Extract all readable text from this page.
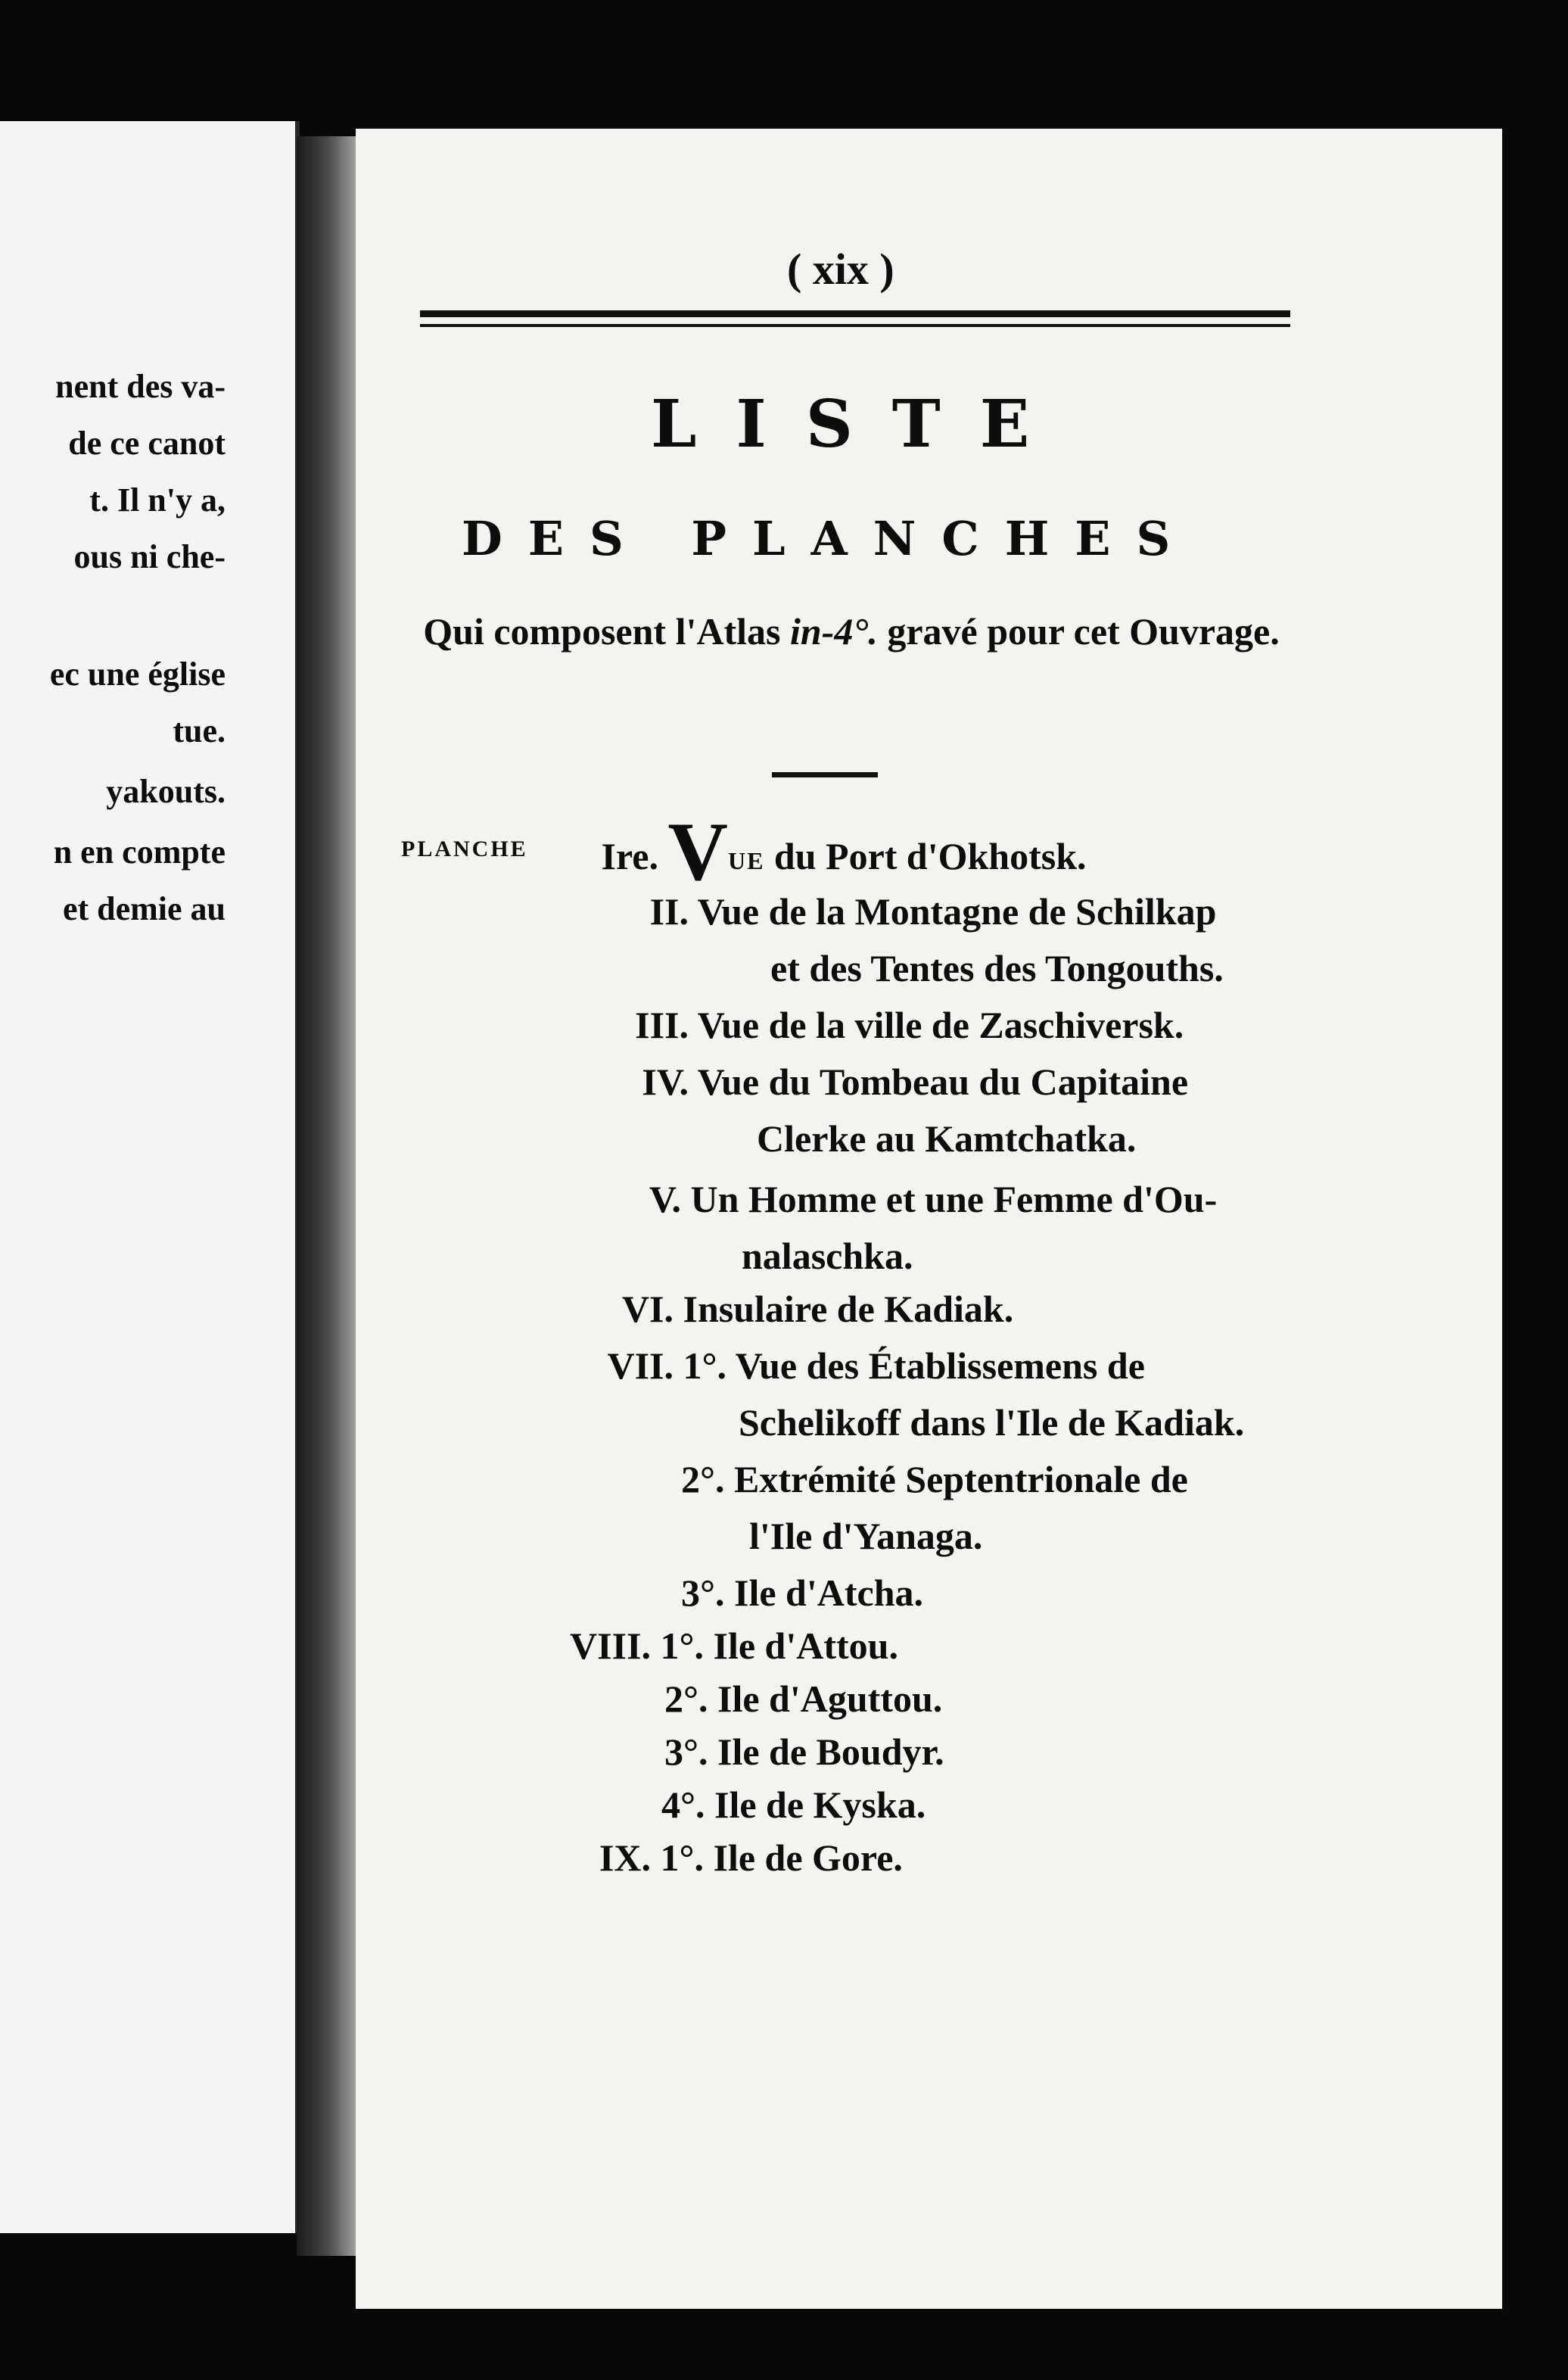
nent des va-
de ce canot
t. Il n'y a,
ous ni che-
ec une église
tue.
yakouts.
n en compte
et demie au
( xix )
LISTE
DES PLANCHES
Qui composent l'Atlas in-4°. gravé pour cet Ouvrage.
PLANCHE	Ire. VUE du Port d'Okhotsk.
II. Vue de la Montagne de Schilkap
et des Tentes des Tongouths.
III. Vue de la ville de Zaschiversk.
IV. Vue du Tombeau du Capitaine
Clerke au Kamtchatka.
V. Un Homme et une Femme d'Ou-
nalaschka.
VI. Insulaire de Kadiak.
VII. 1°. Vue des Établissemens de
Schelikoff dans l'Ile de Kadiak.
2°. Extrémité Septentrionale de
l'Ile d'Yanaga.
3°. Ile d'Atcha.
VIII. 1°. Ile d'Attou.
2°. Ile d'Aguttou.
3°. Ile de Boudyr.
4°. Ile de Kyska.
IX. 1°. Ile de Gore.
